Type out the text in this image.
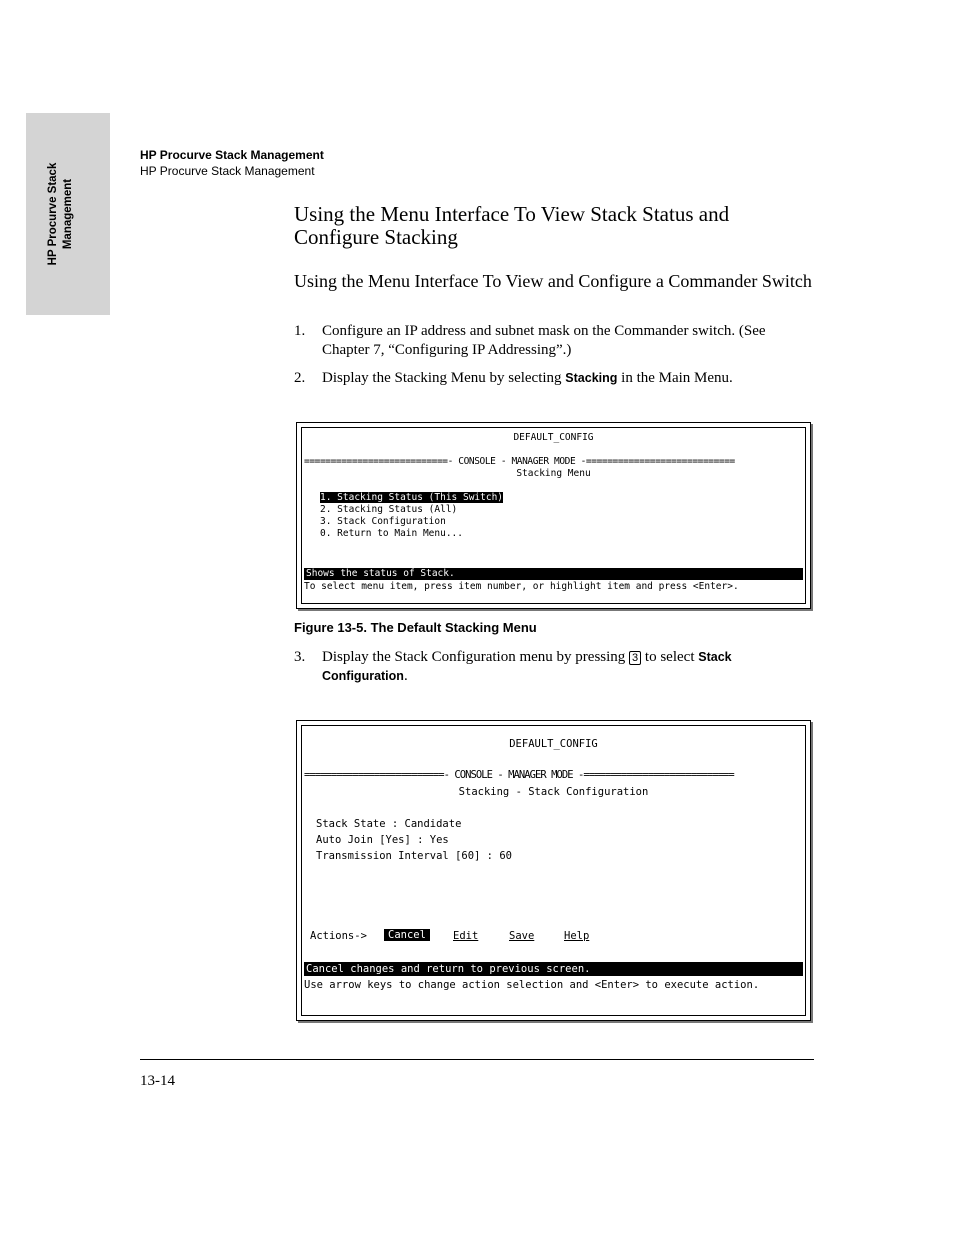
HP Procurve Stack Management
HP Procurve Stack Management
HP Procurve Stack Management
Using the Menu Interface To View Stack Status and Configure Stacking
Using the Menu Interface To View and Configure a Commander Switch
1. Configure an IP address and subnet mask on the Commander switch. (See Chapter 7, “Configuring IP Addressing”.)
2. Display the Stacking Menu by selecting Stacking in the Main Menu.
DEFAULT_CONFIG
===========================- CONSOLE - MANAGER MODE -============================
Stacking Menu
1. Stacking Status (This Switch)
2. Stacking Status (All)
3. Stack Configuration
0. Return to Main Menu...
Shows the status of Stack.
To select menu item, press item number, or highlight item and press <Enter>.
Figure 13-5. The Default Stacking Menu
3. Display the Stack Configuration menu by pressing 3 to select Stack Configuration.
DEFAULT_CONFIG
==========================- CONSOLE - MANAGER MODE -============================
Stacking - Stack Configuration
Stack State : Candidate
Auto Join [Yes] : Yes
Transmission Interval [60] : 60
Actions->	Cancel	Edit	Save	Help
Cancel changes and return to previous screen.
Use arrow keys to change action selection and <Enter> to execute action.
13-14
